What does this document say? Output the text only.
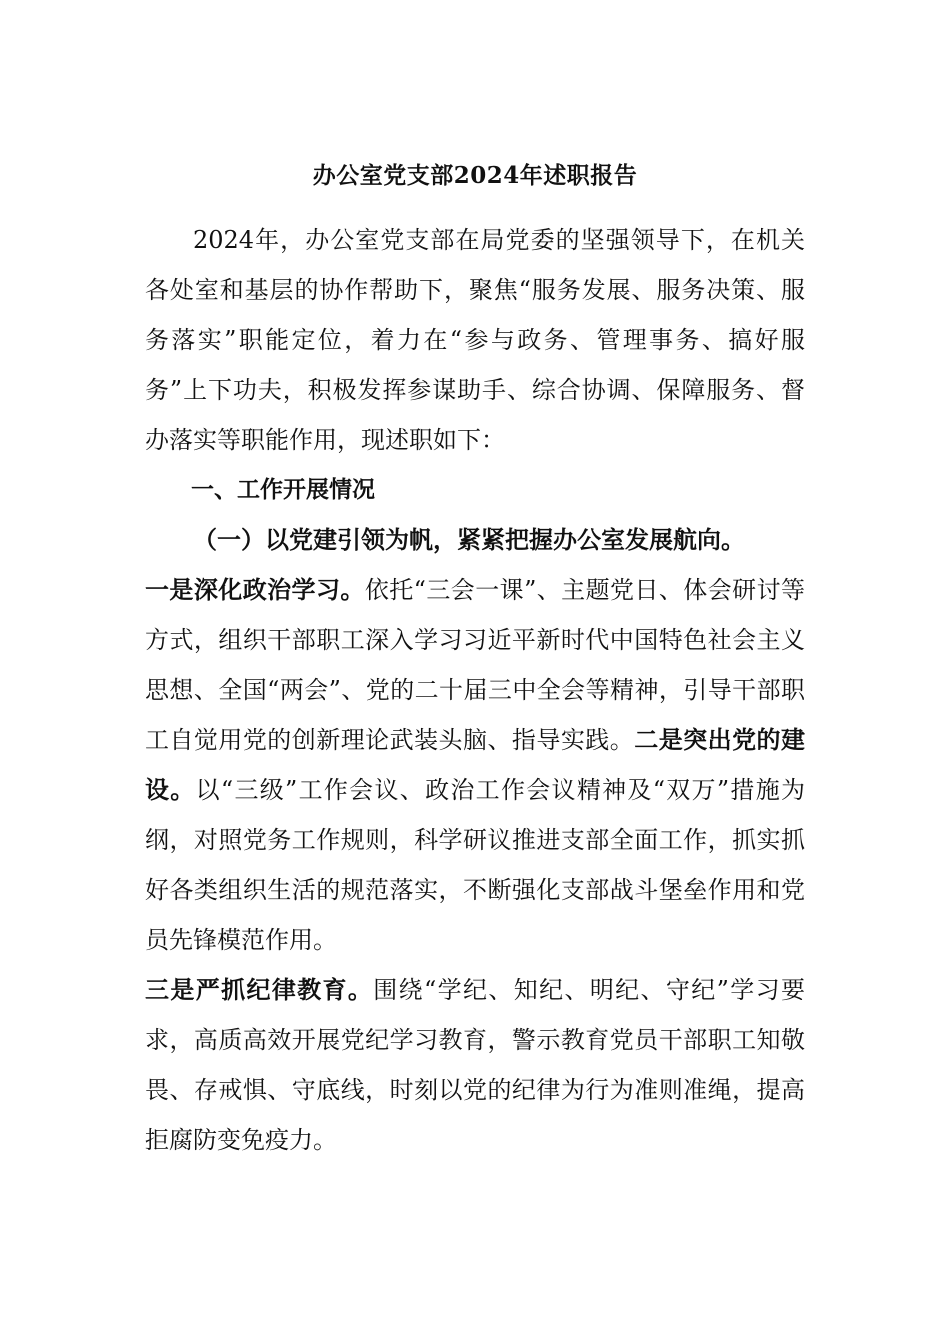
办公室党支部2024年述职报告

2024年，办公室党支部在局党委的坚强领导下，在机关各处室和基层的协作帮助下，聚焦“服务发展、服务决策、服务落实”职能定位，着力在“参与政务、管理事务、搞好服务”上下功夫，积极发挥参谋助手、综合协调、保障服务、督办落实等职能作用，现述职如下：

一、工作开展情况

（一）以党建引领为帆，紧紧把握办公室发展航向。

一是深化政治学习。依托“三会一课”、主题党日、体会研讨等方式，组织干部职工深入学习习近平新时代中国特色社会主义思想、全国“两会”、党的二十届三中全会等精神，引导干部职工自觉用党的创新理论武装头脑、指导实践。二是突出党的建设。以“三级”工作会议、政治工作会议精神及“双万”措施为纲，对照党务工作规则，科学研议推进支部全面工作，抓实抓好各类组织生活的规范落实，不断强化支部战斗堡垒作用和党员先锋模范作用。

三是严抓纪律教育。围绕“学纪、知纪、明纪、守纪”学习要求，高质高效开展党纪学习教育，警示教育党员干部职工知敬畏、存戒惧、守底线，时刻以党的纪律为行为准则准绳，提高拒腐防变免疫力。
